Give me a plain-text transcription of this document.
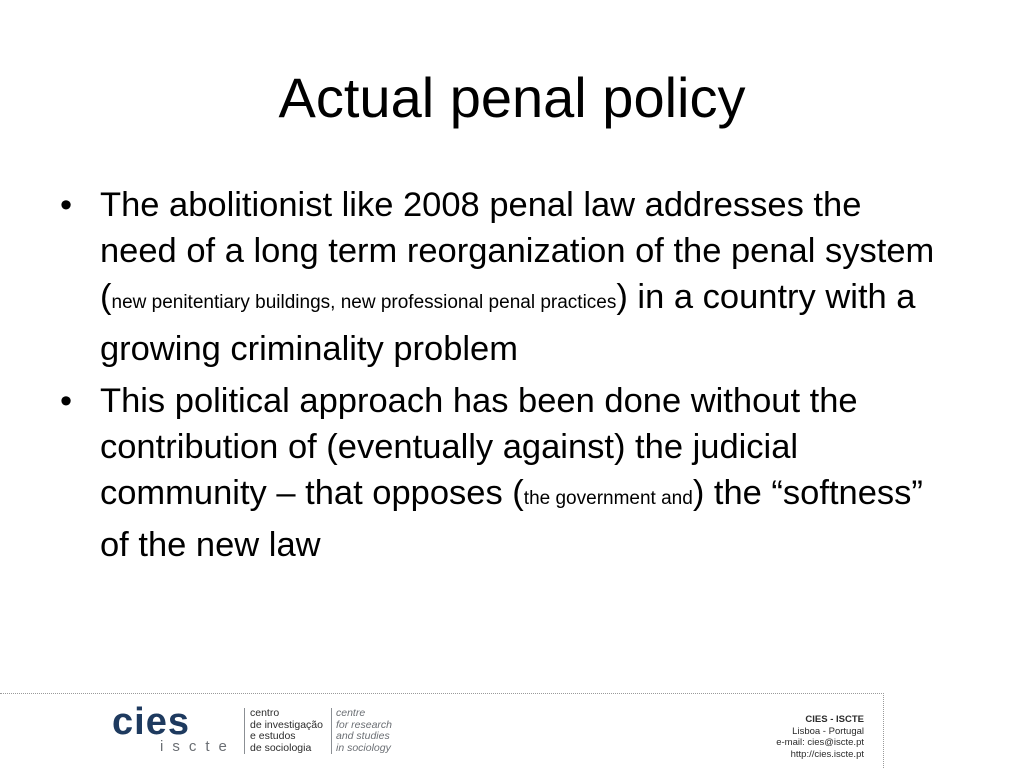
Actual penal policy
• The abolitionist like 2008 penal law addresses the need of a long term reorganization of the penal system (new penitentiary buildings, new professional penal practices) in a country with a growing criminality problem
• This political approach has been done without the contribution of (eventually against) the judicial community – that opposes (the government and) the “softness” of the new law
cies
iscte
centro
de investigação
e estudos
de sociologia
centre
for research
and studies
in sociology
CIES - ISCTE
Lisboa - Portugal
e-mail: cies@iscte.pt
http://cies.iscte.pt
